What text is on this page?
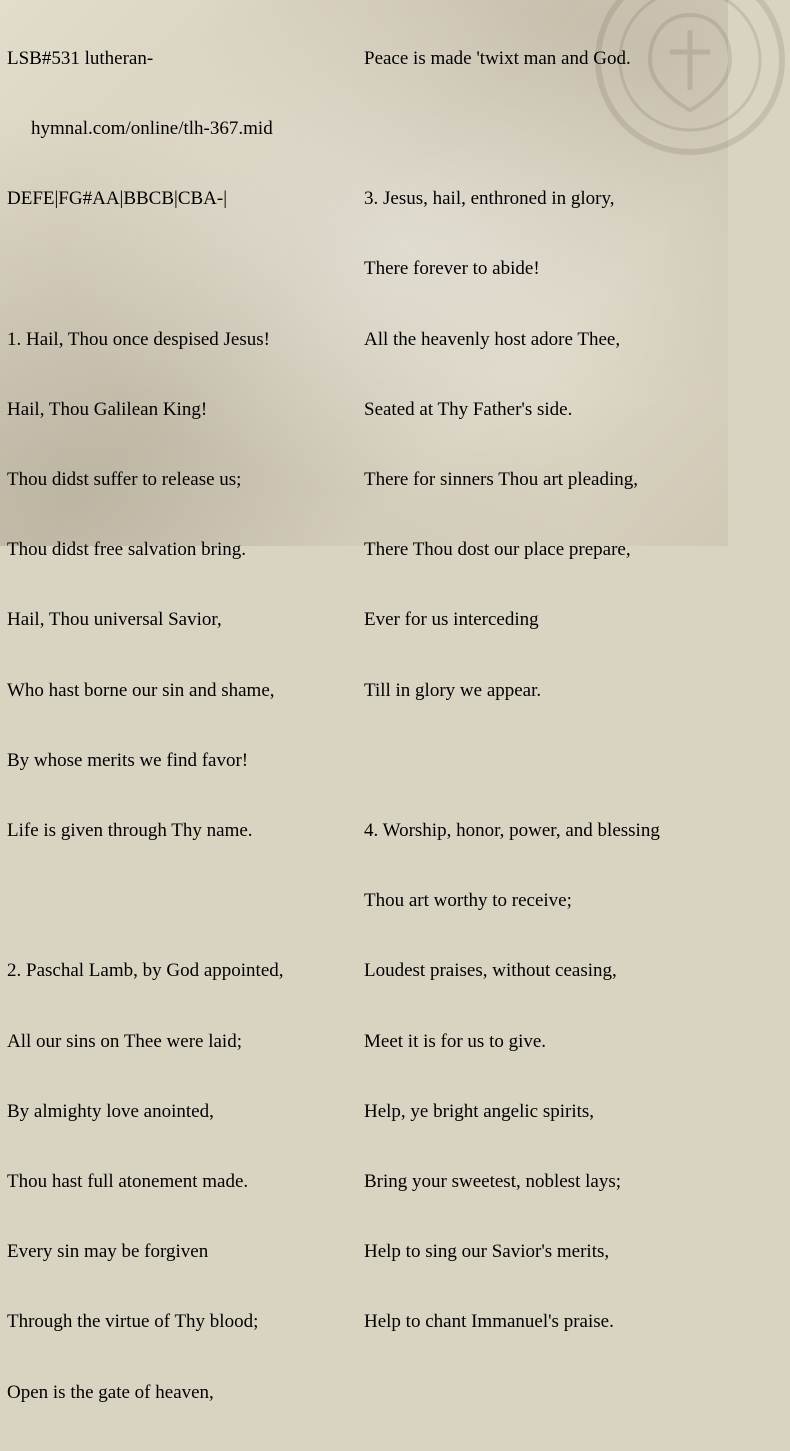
LSB#531 lutheran-

hymnal.com/online/tlh-367.mid

DEFE|FG#AA|BBCB|CBA-|

1. Hail, Thou once despised Jesus!

Hail, Thou Galilean King!

Thou didst suffer to release us;

Thou didst free salvation bring.

Hail, Thou universal Savior,

Who hast borne our sin and shame,

By whose merits we find favor!

Life is given through Thy name.

2. Paschal Lamb, by God appointed,

All our sins on Thee were laid;

By almighty love anointed,

Thou hast full atonement made.

Every sin may be forgiven

Through the virtue of Thy blood;

Open is the gate of heaven,

Peace is made 'twixt man and God.

3. Jesus, hail, enthroned in glory,

There forever to abide!

All the heavenly host adore Thee,

Seated at Thy Father's side.

There for sinners Thou art pleading,

There Thou dost our place prepare,

Ever for us interceding

Till in glory we appear.

4. Worship, honor, power, and blessing

Thou art worthy to receive;

Loudest praises, without ceasing,

Meet it is for us to give.

Help, ye bright angelic spirits,

Bring your sweetest, noblest lays;

Help to sing our Savior's merits,

Help to chant Immanuel's praise.
